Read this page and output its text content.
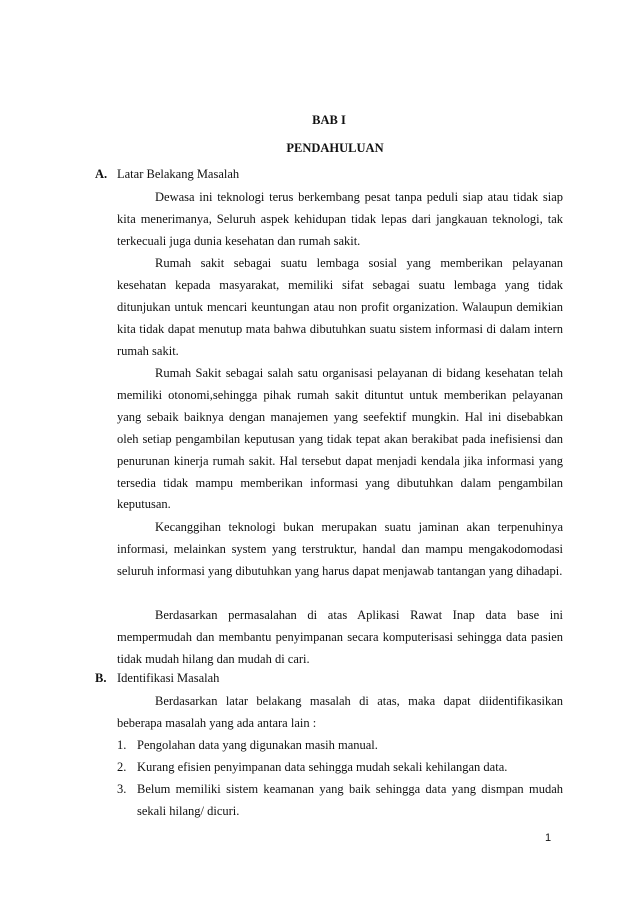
BAB I
PENDAHULUAN
A. Latar Belakang Masalah

Dewasa ini teknologi terus berkembang pesat tanpa peduli siap atau tidak siap kita menerimanya, Seluruh aspek kehidupan tidak lepas dari jangkauan teknologi, tak terkecuali juga dunia kesehatan dan rumah sakit.

Rumah sakit sebagai suatu lembaga sosial yang memberikan pelayanan kesehatan kepada masyarakat, memiliki sifat sebagai suatu lembaga yang tidak ditunjukan untuk mencari keuntungan atau non profit organization. Walaupun demikian kita tidak dapat menutup mata bahwa dibutuhkan suatu sistem informasi di dalam intern rumah sakit.

Rumah Sakit sebagai salah satu organisasi pelayanan di bidang kesehatan telah memiliki otonomi,sehingga pihak rumah sakit dituntut untuk memberikan pelayanan yang sebaik baiknya dengan manajemen yang seefektif mungkin. Hal ini disebabkan oleh setiap pengambilan keputusan yang tidak tepat akan berakibat pada inefisiensi dan penurunan kinerja rumah sakit. Hal tersebut dapat menjadi kendala jika informasi yang tersedia tidak mampu memberikan informasi yang dibutuhkan dalam pengambilan keputusan.

Kecanggihan teknologi bukan merupakan suatu jaminan akan terpenuhinya informasi, melainkan system yang terstruktur, handal dan mampu mengakodomodasi seluruh informasi yang dibutuhkan yang harus dapat menjawab tantangan yang dihadapi.

Berdasarkan permasalahan di atas Aplikasi Rawat Inap data base ini mempermudah dan membantu penyimpanan secara komputerisasi sehingga data pasien tidak mudah hilang dan mudah di cari.

B. Identifikasi Masalah

Berdasarkan latar belakang masalah di atas, maka dapat diidentifikasikan beberapa masalah yang ada antara lain :

1. Pengolahan data yang digunakan masih manual.
2. Kurang efisien penyimpanan data sehingga mudah sekali kehilangan data.
3. Belum memiliki sistem keamanan yang baik sehingga data yang dismpan mudah sekali hilang/ dicuri.
1
